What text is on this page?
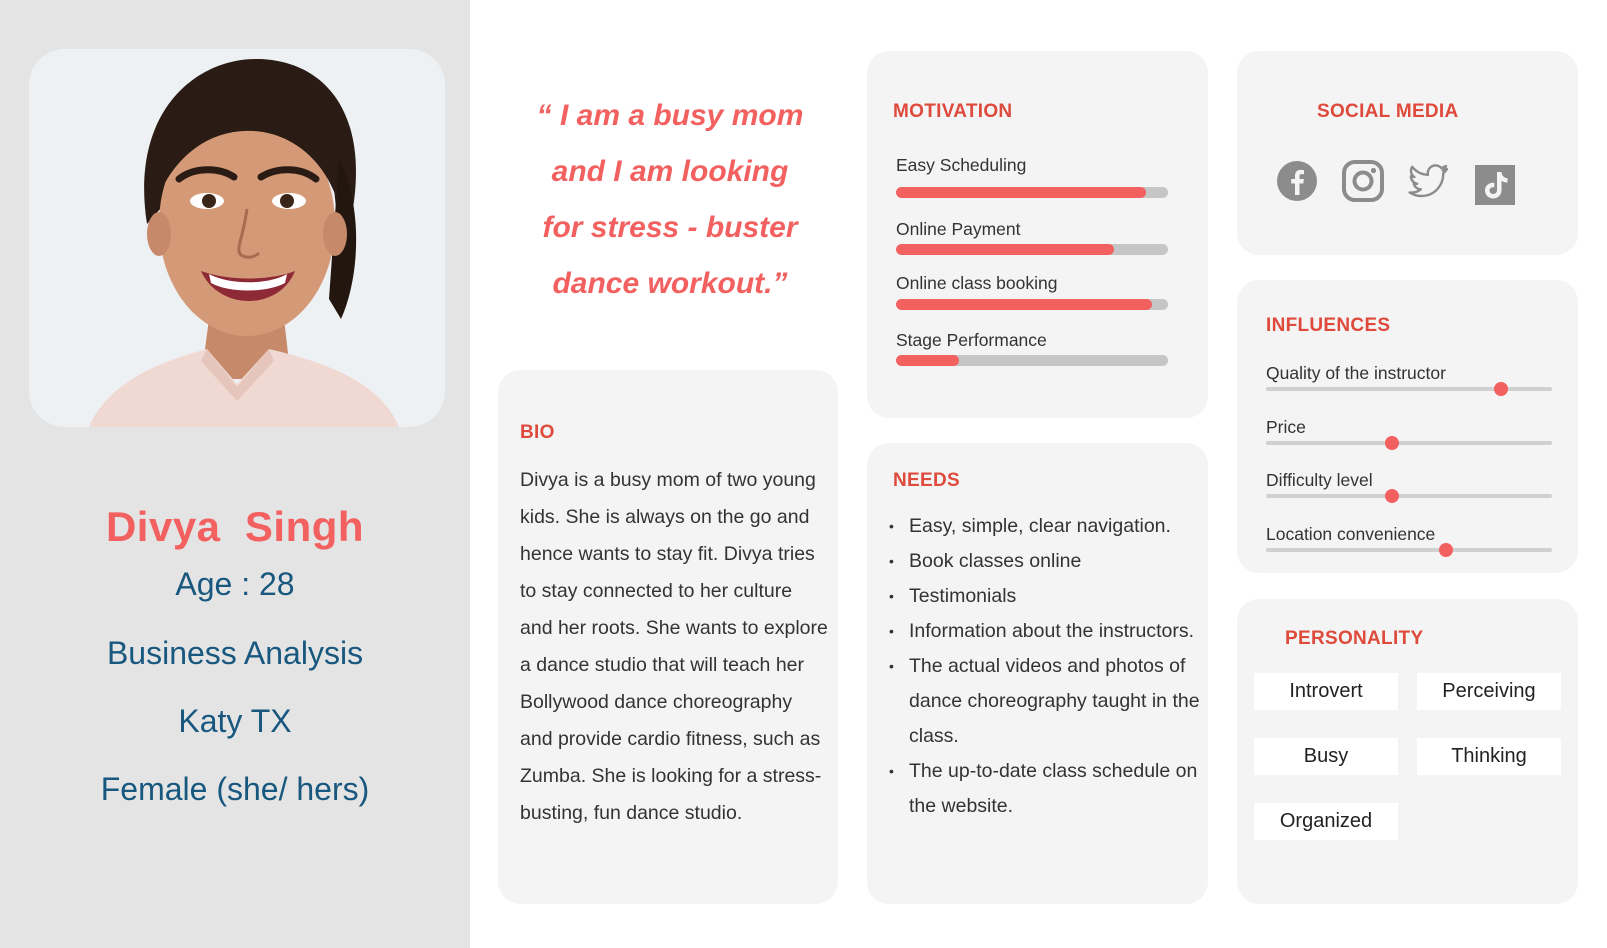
Divya  Singh
Age : 28
Business Analysis
Katy TX
Female (she/ hers)
“ I am a busy mom
and I am looking
for stress - buster
dance workout.”
BIO
Divya is a busy mom of two young kids. She is always on the go and hence wants to stay fit. Divya tries to stay connected to her culture and her roots. She wants to explore a dance studio that will teach her Bollywood dance choreography and provide cardio fitness, such as Zumba. She is looking for a stress-busting, fun dance studio.
MOTIVATION
Easy Scheduling
Online Payment
Online class booking
Stage Performance
NEEDS
• Easy, simple, clear navigation.
• Book classes online
• Testimonials
• Information about the instructors.
• The actual videos and photos of dance choreography taught in the class.
• The up-to-date class schedule on the website.
SOCIAL MEDIA
INFLUENCES
Quality of the instructor
Price
Difficulty level
Location convenience
PERSONALITY
Introvert	Perceiving
Busy	Thinking
Organized
